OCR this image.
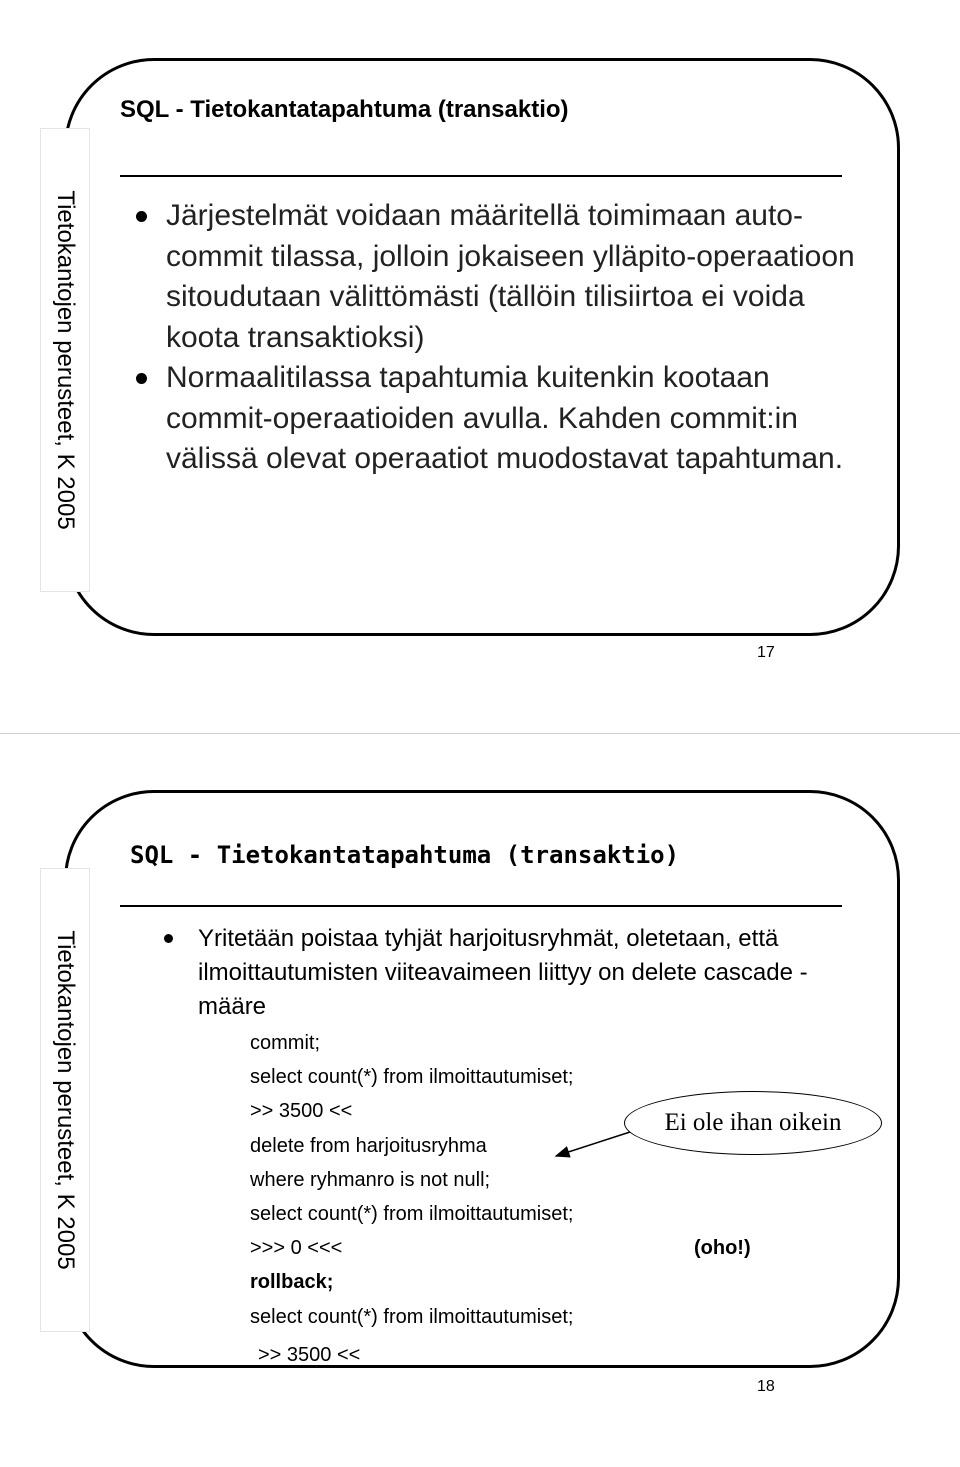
Tietokantojen perusteet, K 2005
SQL - Tietokantatapahtuma (transaktio)
Järjestelmät voidaan määritellä toimimaan auto-commit tilassa, jolloin jokaiseen ylläpito-operaatioon sitoudutaan välittömästi (tällöin tilisiirtoa ei voida koota transaktioksi)
Normaalitilassa tapahtumia kuitenkin kootaan commit-operaatioiden avulla. Kahden commit:in välissä olevat operaatiot muodostavat tapahtuman.
17
Tietokantojen perusteet, K 2005
SQL - Tietokantatapahtuma (transaktio)
Yritetään poistaa tyhjät harjoitusryhmät, oletetaan, että ilmoittautumisten viiteavaimeen liittyy on delete cascade -määre
commit;
select count(*) from ilmoittautumiset;
>> 3500 <<
delete from harjoitusryhma
where ryhmanro is not null;
select count(*) from ilmoittautumiset;
>>> 0 <<<
rollback;
select count(*) from ilmoittautumiset;
>> 3500 <<
Ei ole ihan oikein
(oho!)
18
